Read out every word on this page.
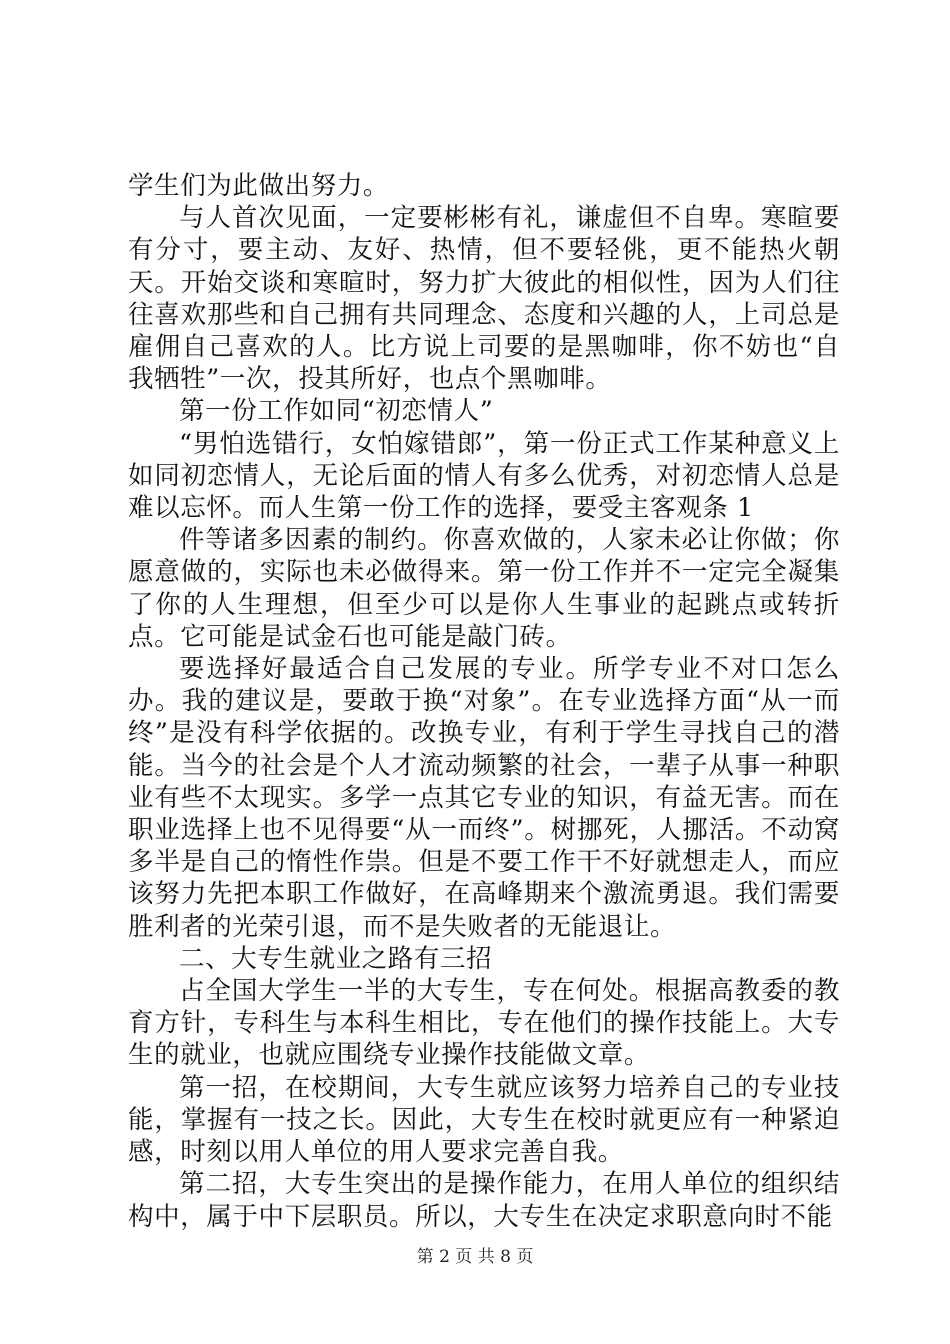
学生们为此做出努力。

与人首次见面，一定要彬彬有礼，谦虚但不自卑。寒暄要有分寸，要主动、友好、热情，但不要轻佻，更不能热火朝天。开始交谈和寒暄时，努力扩大彼此的相似性，因为人们往往喜欢那些和自己拥有共同理念、态度和兴趣的人，上司总是雇佣自己喜欢的人。比方说上司要的是黑咖啡，你不妨也“自我牺牲”一次，投其所好，也点个黑咖啡。

第一份工作如同“初恋情人”

“男怕选错行，女怕嫁错郎”，第一份正式工作某种意义上如同初恋情人，无论后面的情人有多么优秀，对初恋情人总是难以忘怀。而人生第一份工作的选择，要受主客观条 1

件等诸多因素的制约。你喜欢做的，人家未必让你做；你愿意做的，实际也未必做得来。第一份工作并不一定完全凝集了你的人生理想，但至少可以是你人生事业的起跳点或转折点。它可能是试金石也可能是敲门砖。

要选择好最适合自己发展的专业。所学专业不对口怎么办。我的建议是，要敢于换“对象”。在专业选择方面“从一而终”是没有科学依据的。改换专业，有利于学生寻找自己的潜能。当今的社会是个人才流动频繁的社会，一辈子从事一种职业有些不太现实。多学一点其它专业的知识，有益无害。而在职业选择上也不见得要“从一而终”。树挪死，人挪活。不动窝多半是自己的惰性作祟。但是不要工作干不好就想走人，而应该努力先把本职工作做好，在高峰期来个激流勇退。我们需要胜利者的光荣引退，而不是失败者的无能退让。

二、大专生就业之路有三招

占全国大学生一半的大专生，专在何处。根据高教委的教育方针，专科生与本科生相比，专在他们的操作技能上。大专生的就业，也就应围绕专业操作技能做文章。

第一招，在校期间，大专生就应该努力培养自己的专业技能，掌握有一技之长。因此，大专生在校时就更应有一种紧迫感，时刻以用人单位的用人要求完善自我。

第二招，大专生突出的是操作能力，在用人单位的组织结构中，属于中下层职员。所以，大专生在决定求职意向时不能

第 2 页 共 8 页
